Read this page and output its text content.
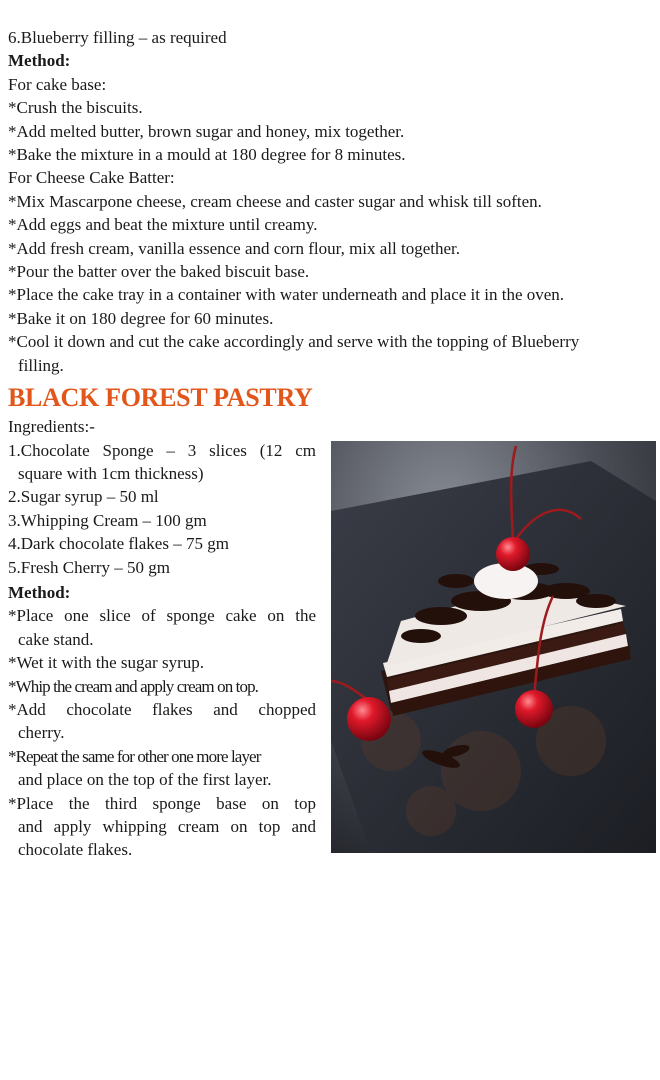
6.Blueberry filling – as required
Method:
For cake base:
*Crush the biscuits.
*Add melted butter, brown sugar and honey, mix together.
*Bake the mixture in a mould at 180 degree for 8 minutes.
For Cheese Cake Batter:
*Mix Mascarpone cheese, cream cheese and caster sugar and whisk till soften.
*Add eggs and beat the mixture until creamy.
*Add fresh cream, vanilla essence and corn flour, mix all together.
*Pour the batter over the baked biscuit base.
*Place the cake tray in a container with water underneath and place it in the oven.
*Bake it on 180 degree for 60 minutes.
*Cool it down and cut the cake accordingly and serve with the topping of Blueberry
filling.
BLACK FOREST PASTRY
Ingredients:-
1.Chocolate Sponge – 3 slices (12 cm
square with 1cm thickness)
2.Sugar syrup – 50 ml
3.Whipping Cream – 100 gm
4.Dark chocolate flakes – 75 gm
5.Fresh Cherry – 50 gm
Method:
*Place one slice of sponge cake on the
cake stand.
*Wet it with the sugar syrup.
*Whip the cream and apply cream on top.
*Add chocolate flakes and chopped
cherry.
*Repeat the same for other one more layer
and place on the top of the first layer.
*Place the third sponge base on top
and apply whipping cream on top and
chocolate flakes.
